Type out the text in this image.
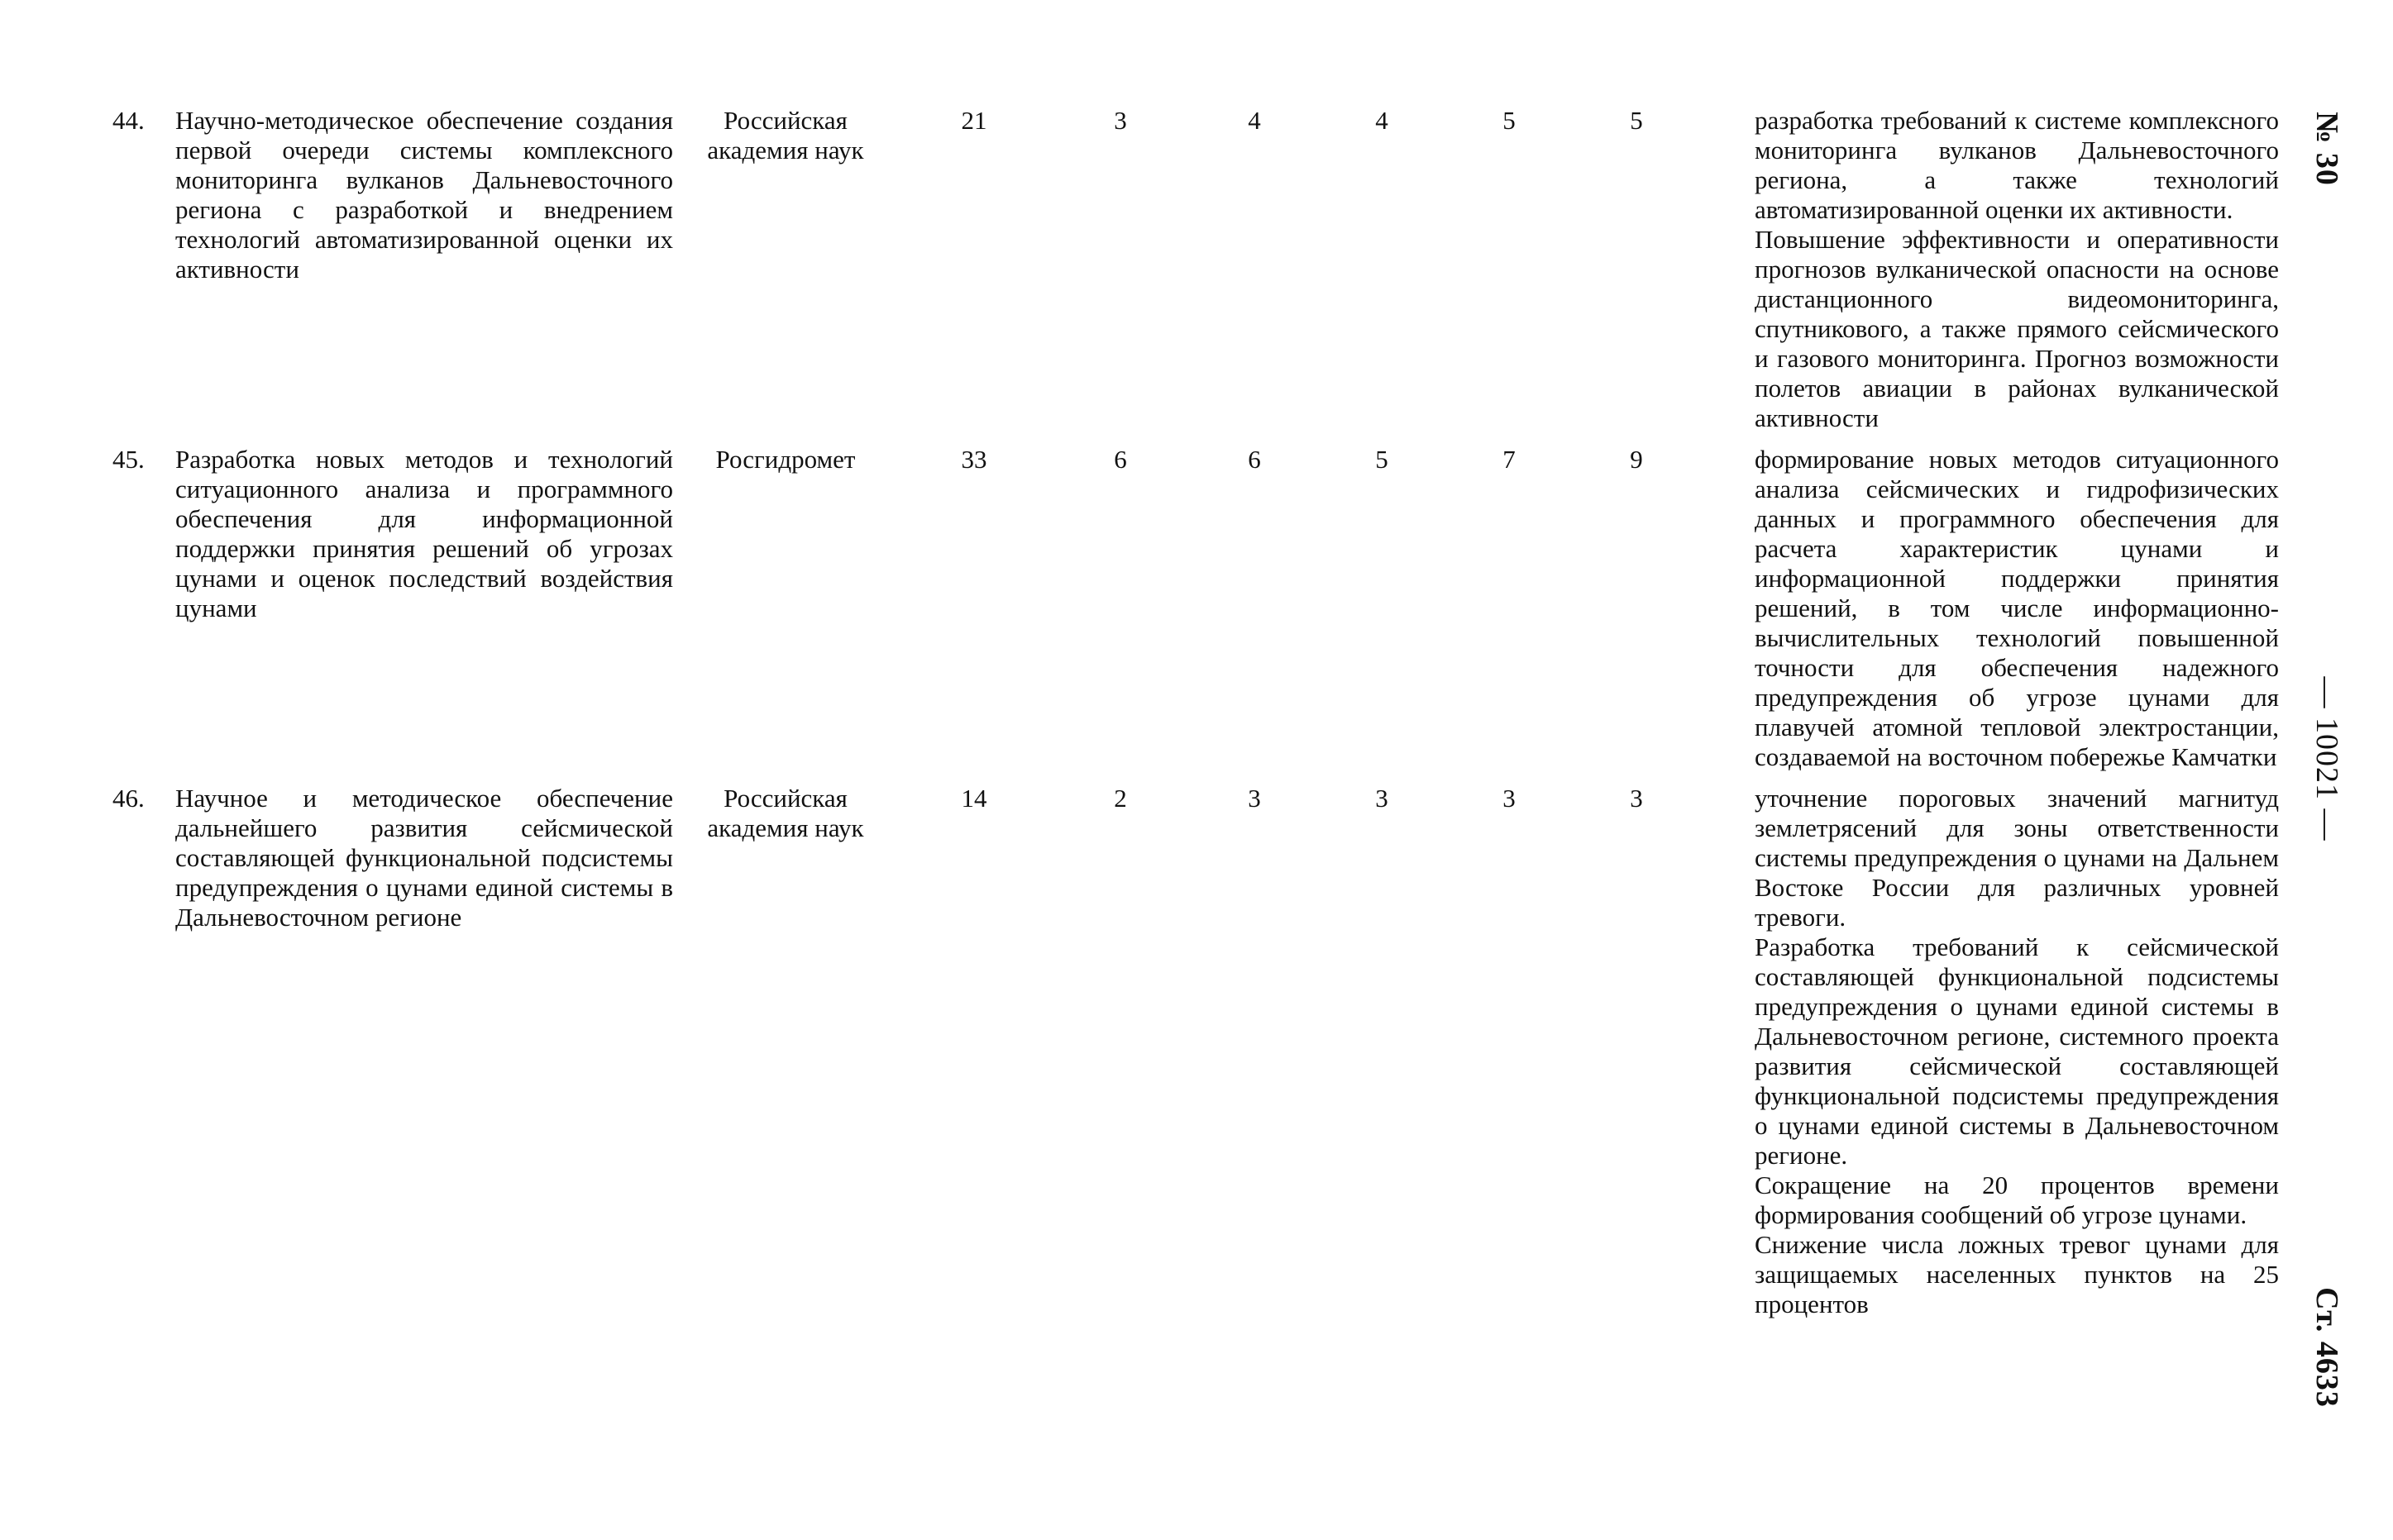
44.	Научно-методическое обеспечение создания первой очереди системы комплексного мониторинга вулканов Дальневосточного региона с разработкой и внедрением технологий автоматизированной оценки их активности	Российская академия наук	21	3	4	4	5	5		разработка требований к системе комплексного мониторинга вулканов Дальневосточного региона, а также технологий автоматизированной оценки их активности.

Повышение эффективности и оперативности прогнозов вулканической опасности на основе дистанционного видеомониторинга, спутникового, а также прямого сейсмического и газового мониторинга. Прогноз возможности полетов авиации в районах вулканической активности

45.	Разработка новых методов и технологий ситуационного анализа и программного обеспечения для информационной поддержки принятия решений об угрозах цунами и оценок последствий воздействия цунами	Росгидромет	33	6	6	5	7	9		формирование новых методов ситуационного анализа сейсмических и гидрофизических данных и программного обеспечения для расчета характеристик цунами и информационной поддержки принятия решений, в том числе информационно-вычислительных технологий повышенной точности для обеспечения надежного предупреждения об угрозе цунами для плавучей атомной тепловой электростанции, создаваемой на восточном побережье Камчатки

46.	Научное и методическое обеспечение дальнейшего развития сейсмической составляющей функциональной подсистемы предупреждения о цунами единой системы в Дальневосточном регионе	Российская академия наук	14	2	3	3	3	3		уточнение пороговых значений магнитуд землетрясений для зоны ответственности системы предупреждения о цунами на Дальнем Востоке России для различных уровней тревоги.

Разработка требований к сейсмической составляющей функциональной подсистемы предупреждения о цунами единой системы в Дальневосточном регионе, системного проекта развития сейсмической составляющей функциональной подсистемы предупреждения о цунами единой системы в Дальневосточном регионе.

Сокращение на 20 процентов времени формирования сообщений об угрозе цунами.

Снижение числа ложных тревог цунами для защищаемых населенных пунктов на 25 процентов

№ 30
— 10021 —
Ст. 4633
